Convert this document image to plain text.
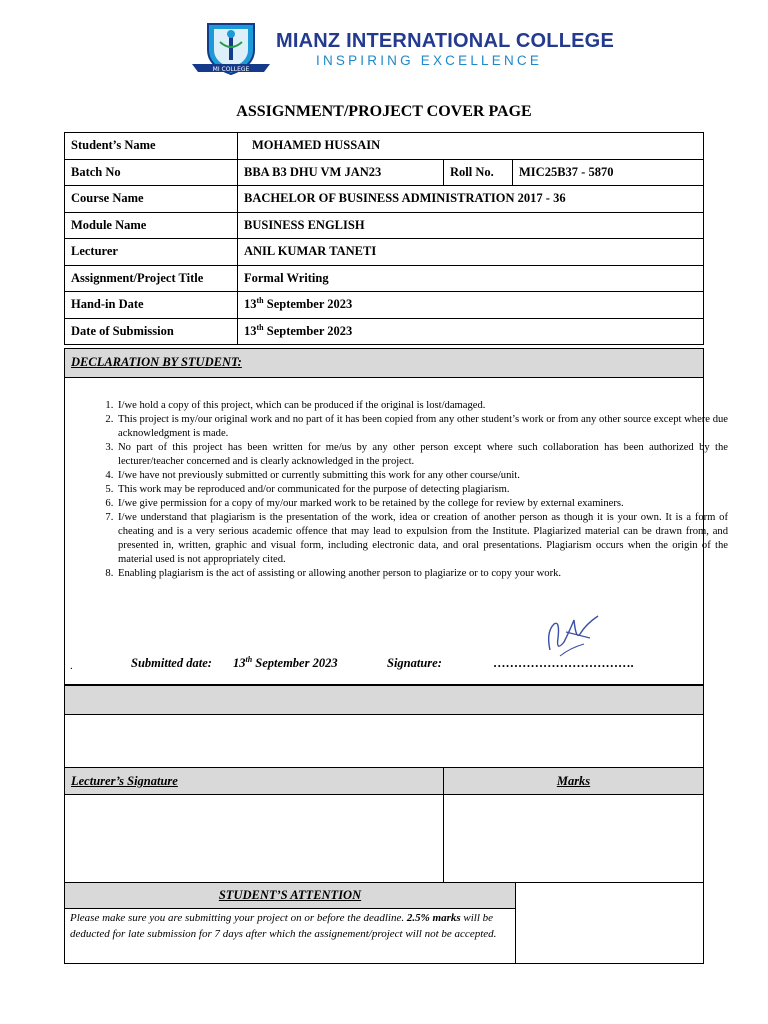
MI COLLEGE
MIANZ INTERNATIONAL COLLEGE
INSPIRING EXCELLENCE
ASSIGNMENT/PROJECT COVER PAGE
Student’s Name	MOHAMED HUSSAIN		
Batch No	BBA B3 DHU VM JAN23	Roll No.	MIC25B37 - 5870
Course Name	BACHELOR OF BUSINESS ADMINISTRATION 2017 - 36		
Module Name	BUSINESS ENGLISH		
Lecturer	ANIL KUMAR TANETI		
Assignment/Project Title	Formal Writing		
Hand-in Date	13th September 2023		
Date of Submission	13th September 2023		
DECLARATION BY STUDENT:
1. I/we hold a copy of this project, which can be produced if the original is lost/damaged.
2. This project is my/our original work and no part of it has been copied from any other student’s work or from any other source except where due acknowledgment is made.
3. No part of this project has been written for me/us by any other person except where such collaboration has been authorized by the lecturer/teacher concerned and is clearly acknowledged in the project.
4. I/we have not previously submitted or currently submitting this work for any other course/unit.
5. This work may be reproduced and/or communicated for the purpose of detecting plagiarism.
6. I/we give permission for a copy of my/our marked work to be retained by the college for review by external examiners.
7. I/we understand that plagiarism is the presentation of the work, idea or creation of another person as though it is your own. It is a form of cheating and is a very serious academic offence that may lead to expulsion from the Institute. Plagiarized material can be drawn from, and presented in, written, graphic and visual form, including electronic data, and oral presentations. Plagiarism occurs when the origin of the material used is not appropriately cited.
8. Enabling plagiarism is the act of assisting or allowing another person to plagiarize or to copy your work.
.	Submitted date: 13th September 2023	Signature:	…………………………….
Lecturer’s Signature	Marks
STUDENT’S ATTENTION
Please make sure you are submitting your project on or before the deadline. 2.5% marks will be deducted for late submission for 7 days after which the assignement/project will not be accepted.
